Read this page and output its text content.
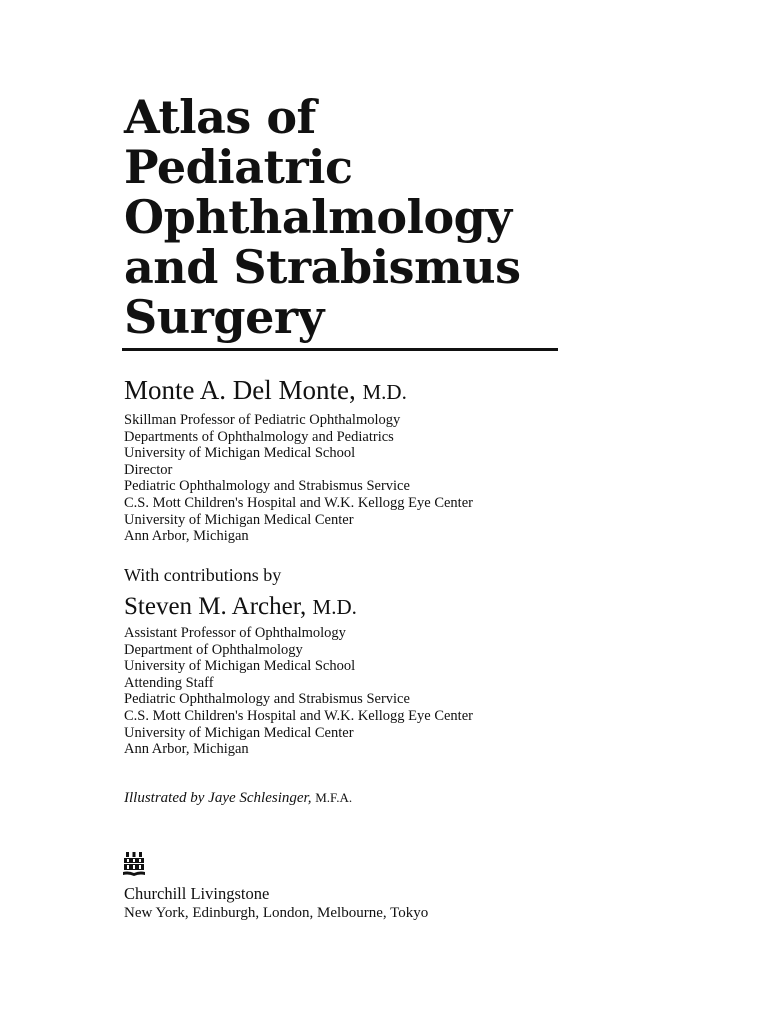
Atlas of
Pediatric
Ophthalmology
and Strabismus
Surgery
Monte A. Del Monte, M.D.
Skillman Professor of Pediatric Ophthalmology
Departments of Ophthalmology and Pediatrics
University of Michigan Medical School
Director
Pediatric Ophthalmology and Strabismus Service
C.S. Mott Children's Hospital and W.K. Kellogg Eye Center
University of Michigan Medical Center
Ann Arbor, Michigan
With contributions by
Steven M. Archer, M.D.
Assistant Professor of Ophthalmology
Department of Ophthalmology
University of Michigan Medical School
Attending Staff
Pediatric Ophthalmology and Strabismus Service
C.S. Mott Children's Hospital and W.K. Kellogg Eye Center
University of Michigan Medical Center
Ann Arbor, Michigan
Illustrated by Jaye Schlesinger, M.F.A.
Churchill Livingstone
New York, Edinburgh, London, Melbourne, Tokyo
